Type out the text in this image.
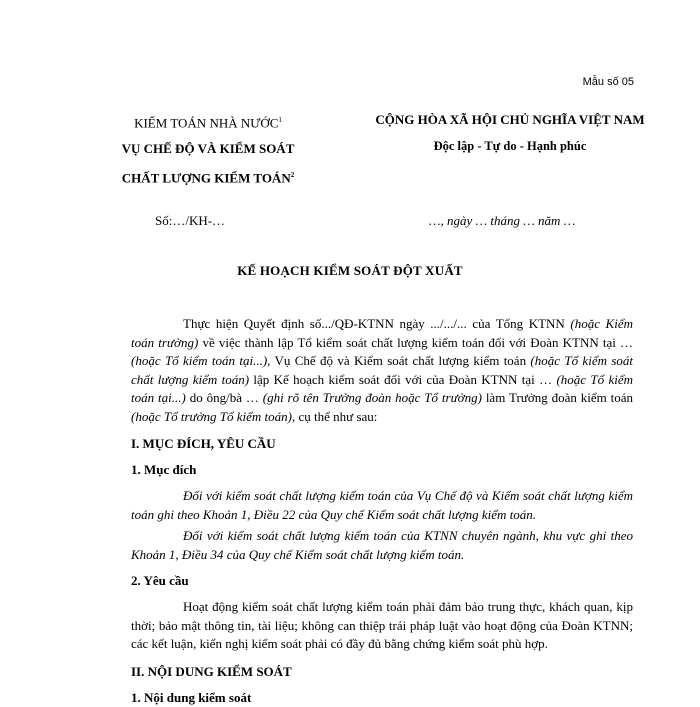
Mẫu số 05
KIỂM TOÁN NHÀ NƯỚC$^1$
VỤ CHẾ ĐỘ VÀ KIỂM SOÁT
CHẤT LƯỢNG KIỂM TOÁN$^2$
CỘNG HÒA XÃ HỘI CHỦ NGHĨA VIỆT NAM
Độc lập - Tự do - Hạnh phúc
Số:…/KH-…	…, ngày … tháng … năm …
KẾ HOẠCH KIỂM SOÁT ĐỘT XUẤT

Thực hiện Quyết định số.../QĐ-KTNN ngày .../.../... của Tổng KTNN (hoặc Kiểm toán trưởng) về việc thành lập Tổ kiểm soát chất lượng kiểm toán đối với Đoàn KTNN tại … (hoặc Tổ kiểm toán tại...), Vụ Chế độ và Kiểm soát chất lượng kiểm toán (hoặc Tổ kiểm soát chất lượng kiểm toán) lập Kế hoạch kiểm soát đối với của Đoàn KTNN tại … (hoặc Tổ kiểm toán tại...) do ông/bà … (ghi rõ tên Trưởng đoàn hoặc Tổ trưởng) làm Trưởng đoàn kiểm toán (hoặc Tổ trưởng Tổ kiểm toán), cụ thể như sau:

I. MỤC ĐÍCH, YÊU CẦU
1. Mục đích

Đối với kiểm soát chất lượng kiểm toán của Vụ Chế độ và Kiểm soát chất lượng kiểm toán ghi theo Khoản 1, Điều 22 của Quy chế Kiểm soát chất lượng kiểm toán.

Đối với kiểm soát chất lượng kiểm toán của KTNN chuyên ngành, khu vực ghi theo Khoản 1, Điều 34 của Quy chế Kiểm soát chất lượng kiểm toán.

2. Yêu cầu

Hoạt động kiểm soát chất lượng kiểm toán phải đảm bảo trung thực, khách quan, kịp thời; bảo mật thông tin, tài liệu; không can thiệp trái pháp luật vào hoạt động của Đoàn KTNN; các kết luận, kiến nghị kiểm soát phải có đầy đủ bằng chứng kiểm soát phù hợp.

II. NỘI DUNG KIỂM SOÁT
1. Nội dung kiểm soát
